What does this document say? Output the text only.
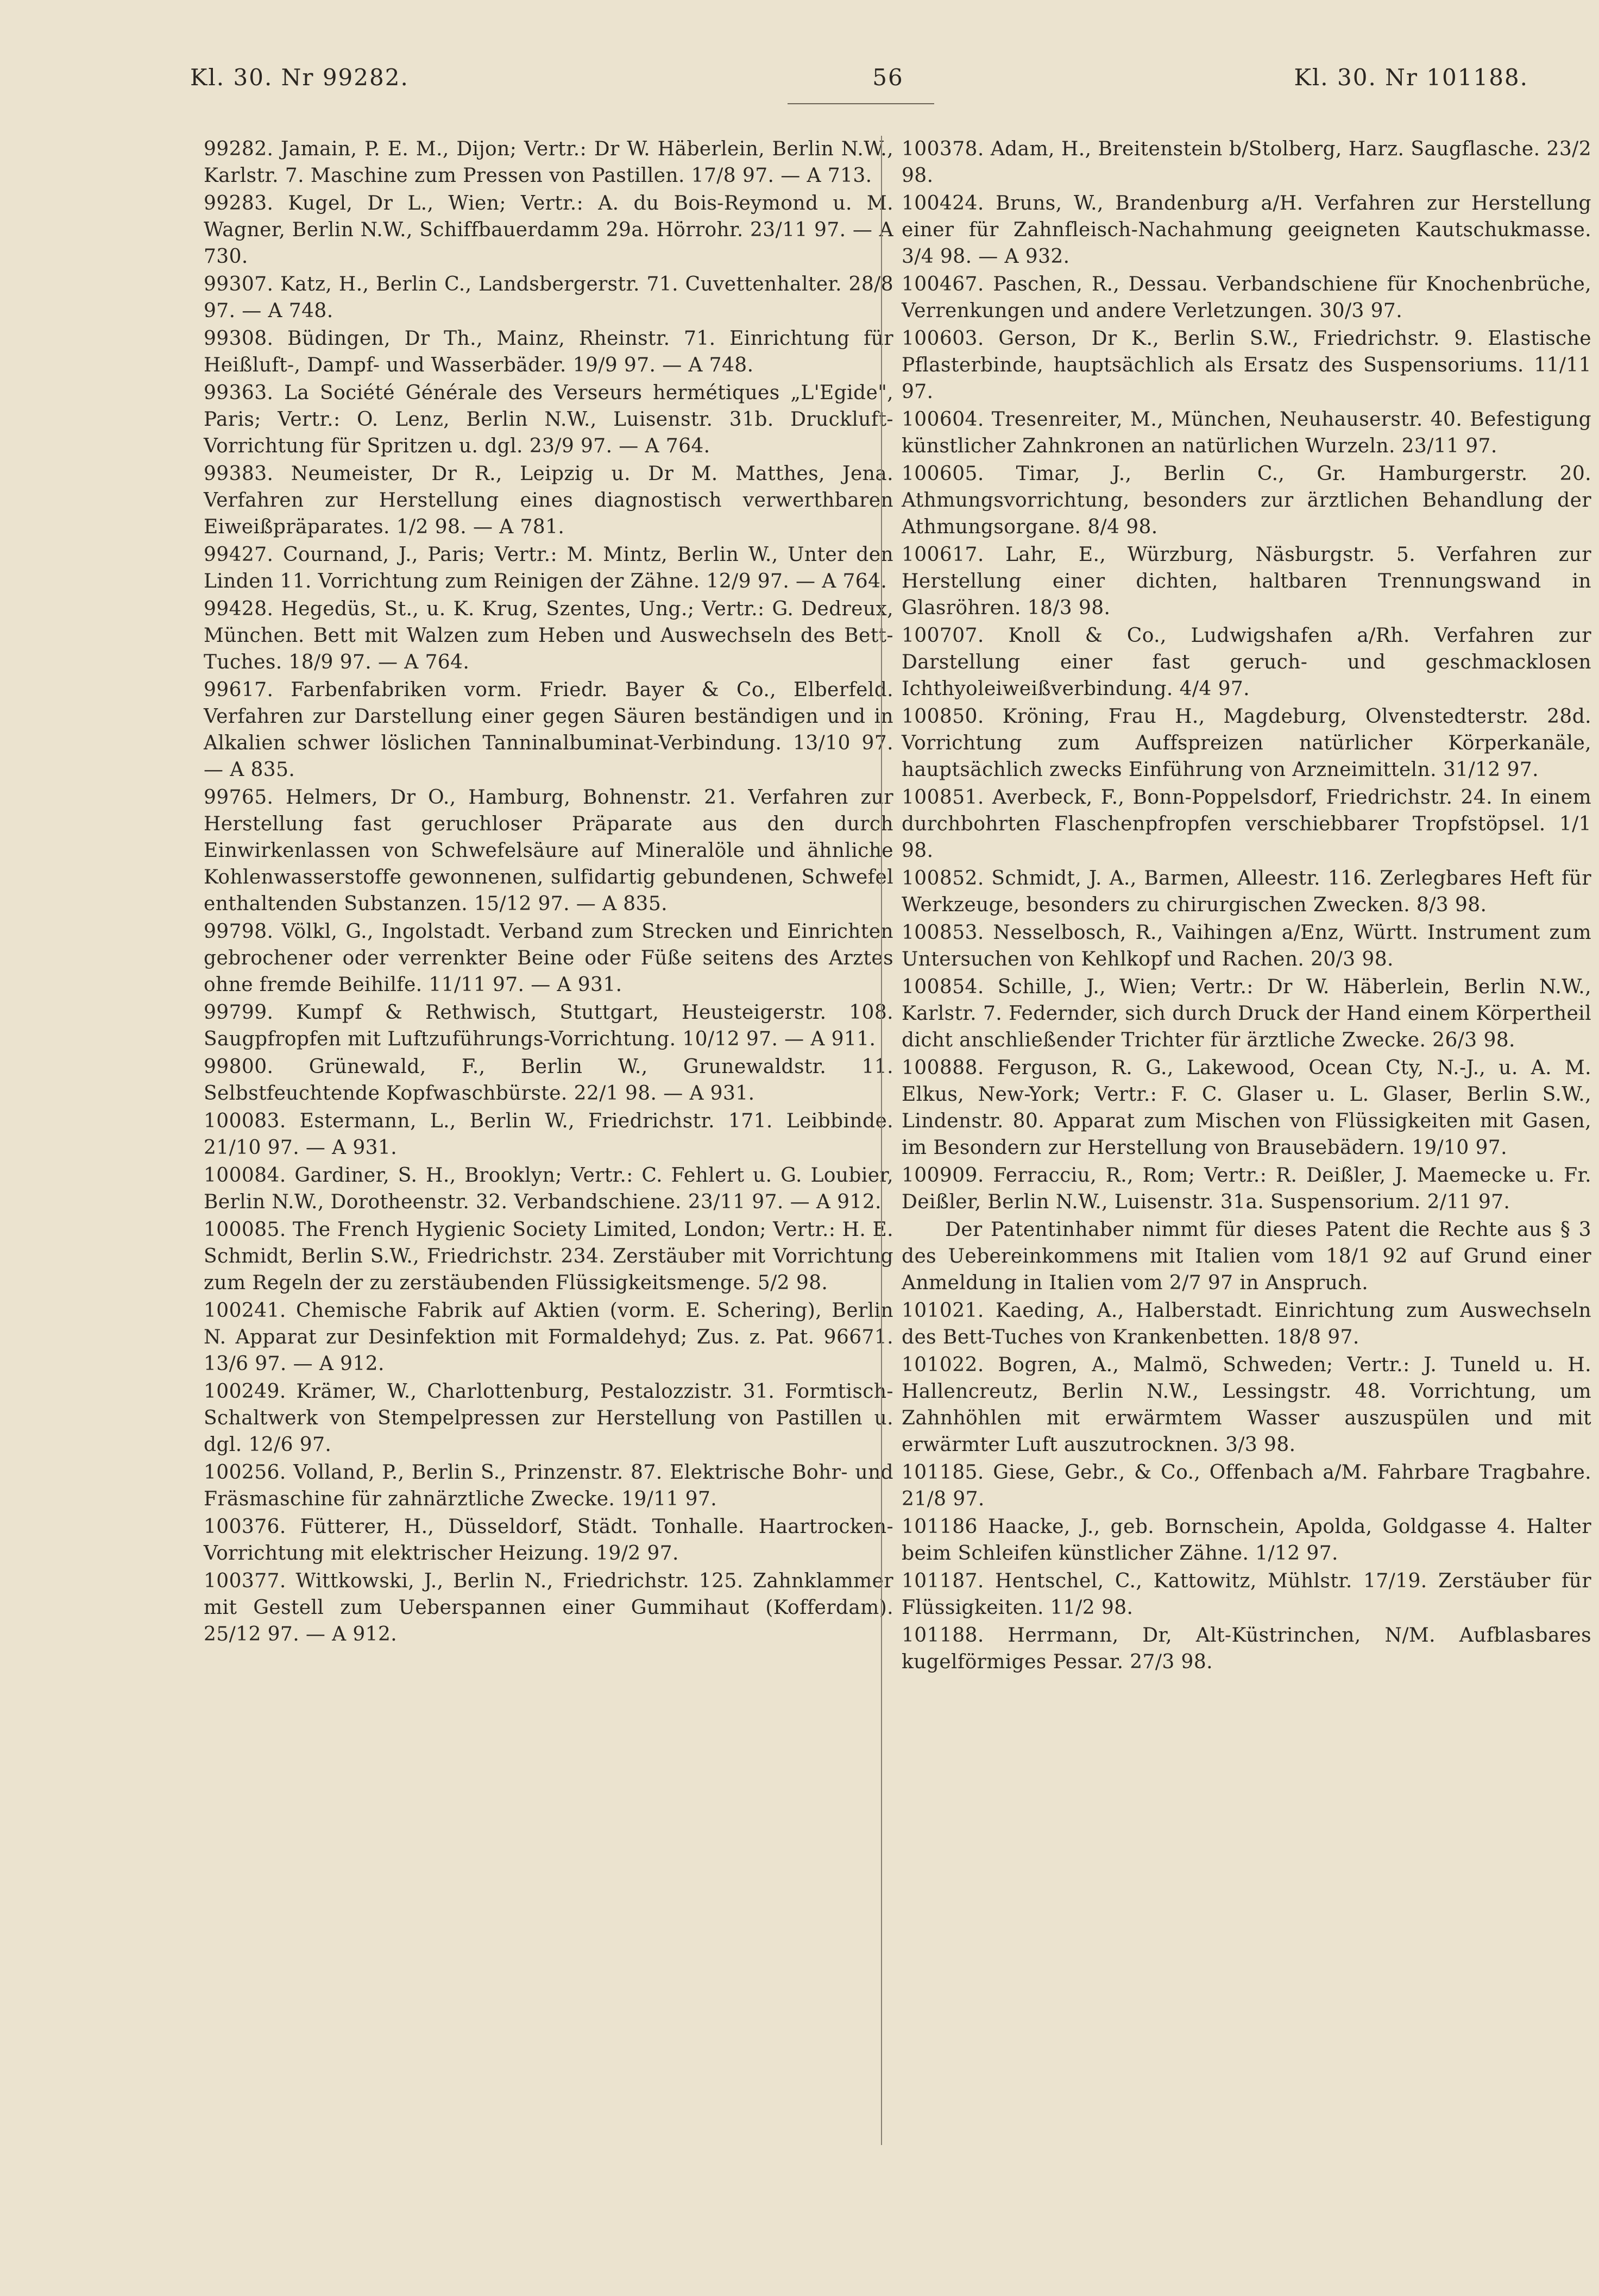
Kl. 30. Nr 99282.	56	Kl. 30. Nr 101188.

99282. Jamain, P. E. M., Dijon; Vertr.: Dr W. Häberlein, Berlin N.W., Karlstr. 7. Maschine zum Pressen von Pastillen. 17/8 97. — A 713.

99283. Kugel, Dr L., Wien; Vertr.: A. du Bois-Reymond u. M. Wagner, Berlin N.W., Schiffbauerdamm 29a. Hörrohr. 23/11 97. — A 730.

99307. Katz, H., Berlin C., Landsbergerstr. 71. Cuvettenhalter. 28/8 97. — A 748.

99308. Büdingen, Dr Th., Mainz, Rheinstr. 71. Einrichtung für Heißluft-, Dampf- und Wasserbäder. 19/9 97. — A 748.

99363. La Société Générale des Verseurs hermétiques „L'Egide", Paris; Vertr.: O. Lenz, Berlin N.W., Luisenstr. 31b. Druckluft-Vorrichtung für Spritzen u. dgl. 23/9 97. — A 764.

99383. Neumeister, Dr R., Leipzig u. Dr M. Matthes, Jena. Verfahren zur Herstellung eines diagnostisch verwerthbaren Eiweißpräparates. 1/2 98. — A 781.

99427. Cournand, J., Paris; Vertr.: M. Mintz, Berlin W., Unter den Linden 11. Vorrichtung zum Reinigen der Zähne. 12/9 97. — A 764.

99428. Hegedüs, St., u. K. Krug, Szentes, Ung.; Vertr.: G. Dedreux, München. Bett mit Walzen zum Heben und Auswechseln des Bett-Tuches. 18/9 97. — A 764.

99617. Farbenfabriken vorm. Friedr. Bayer & Co., Elberfeld. Verfahren zur Darstellung einer gegen Säuren beständigen und in Alkalien schwer löslichen Tanninalbuminat-Verbindung. 13/10 97. — A 835.

99765. Helmers, Dr O., Hamburg, Bohnenstr. 21. Verfahren zur Herstellung fast geruchloser Präparate aus den durch Einwirkenlassen von Schwefelsäure auf Mineralöle und ähnliche Kohlenwasserstoffe gewonnenen, sulfidartig gebundenen, Schwefel enthaltenden Substanzen. 15/12 97. — A 835.

99798. Völkl, G., Ingolstadt. Verband zum Strecken und Einrichten gebrochener oder verrenkter Beine oder Füße seitens des Arztes ohne fremde Beihilfe. 11/11 97. — A 931.

99799. Kumpf & Rethwisch, Stuttgart, Heusteigerstr. 108. Saugpfropfen mit Luftzuführungs-Vorrichtung. 10/12 97. — A 911.

99800. Grünewald, F., Berlin W., Grunewaldstr. 11. Selbstfeuchtende Kopfwaschbürste. 22/1 98. — A 931.

100083. Estermann, L., Berlin W., Friedrichstr. 171. Leibbinde. 21/10 97. — A 931.

100084. Gardiner, S. H., Brooklyn; Vertr.: C. Fehlert u. G. Loubier, Berlin N.W., Dorotheenstr. 32. Verbandschiene. 23/11 97. — A 912.

100085. The French Hygienic Society Limited, London; Vertr.: H. E. Schmidt, Berlin S.W., Friedrichstr. 234. Zerstäuber mit Vorrichtung zum Regeln der zu zerstäubenden Flüssigkeitsmenge. 5/2 98.

100241. Chemische Fabrik auf Aktien (vorm. E. Schering), Berlin N. Apparat zur Desinfektion mit Formaldehyd; Zus. z. Pat. 96671. 13/6 97. — A 912.

100249. Krämer, W., Charlottenburg, Pestalozzistr. 31. Formtisch-Schaltwerk von Stempelpressen zur Herstellung von Pastillen u. dgl. 12/6 97.

100256. Volland, P., Berlin S., Prinzenstr. 87. Elektrische Bohr- und Fräsmaschine für zahnärztliche Zwecke. 19/11 97.

100376. Fütterer, H., Düsseldorf, Städt. Tonhalle. Haartrocken-Vorrichtung mit elektrischer Heizung. 19/2 97.

100377. Wittkowski, J., Berlin N., Friedrichstr. 125. Zahnklammer mit Gestell zum Ueberspannen einer Gummihaut (Kofferdam). 25/12 97. — A 912.

100378. Adam, H., Breitenstein b/Stolberg, Harz. Saugflasche. 23/2 98.

100424. Bruns, W., Brandenburg a/H. Verfahren zur Herstellung einer für Zahnfleisch-Nachahmung geeigneten Kautschukmasse. 3/4 98. — A 932.

100467. Paschen, R., Dessau. Verbandschiene für Knochenbrüche, Verrenkungen und andere Verletzungen. 30/3 97.

100603. Gerson, Dr K., Berlin S.W., Friedrichstr. 9. Elastische Pflasterbinde, hauptsächlich als Ersatz des Suspensoriums. 11/11 97.

100604. Tresenreiter, M., München, Neuhauserstr. 40. Befestigung künstlicher Zahnkronen an natürlichen Wurzeln. 23/11 97.

100605. Timar, J., Berlin C., Gr. Hamburgerstr. 20. Athmungsvorrichtung, besonders zur ärztlichen Behandlung der Athmungsorgane. 8/4 98.

100617. Lahr, E., Würzburg, Näsburgstr. 5. Verfahren zur Herstellung einer dichten, haltbaren Trennungswand in Glasröhren. 18/3 98.

100707. Knoll & Co., Ludwigshafen a/Rh. Verfahren zur Darstellung einer fast geruch- und geschmacklosen Ichthyoleiweißverbindung. 4/4 97.

100850. Kröning, Frau H., Magdeburg, Olvenstedterstr. 28d. Vorrichtung zum Auffspreizen natürlicher Körperkanäle, hauptsächlich zwecks Einführung von Arzneimitteln. 31/12 97.

100851. Averbeck, F., Bonn-Poppelsdorf, Friedrichstr. 24. In einem durchbohrten Flaschenpfropfen verschiebbarer Tropfstöpsel. 1/1 98.

100852. Schmidt, J. A., Barmen, Alleestr. 116. Zerlegbares Heft für Werkzeuge, besonders zu chirurgischen Zwecken. 8/3 98.

100853. Nesselbosch, R., Vaihingen a/Enz, Württ. Instrument zum Untersuchen von Kehlkopf und Rachen. 20/3 98.

100854. Schille, J., Wien; Vertr.: Dr W. Häberlein, Berlin N.W., Karlstr. 7. Federnder, sich durch Druck der Hand einem Körpertheil dicht anschließender Trichter für ärztliche Zwecke. 26/3 98.

100888. Ferguson, R. G., Lakewood, Ocean Cty, N.-J., u. A. M. Elkus, New-York; Vertr.: F. C. Glaser u. L. Glaser, Berlin S.W., Lindenstr. 80. Apparat zum Mischen von Flüssigkeiten mit Gasen, im Besondern zur Herstellung von Brausebädern. 19/10 97.

100909. Ferracciu, R., Rom; Vertr.: R. Deißler, J. Maemecke u. Fr. Deißler, Berlin N.W., Luisenstr. 31a. Suspensorium. 2/11 97.

Der Patentinhaber nimmt für dieses Patent die Rechte aus § 3 des Uebereinkommens mit Italien vom 18/1 92 auf Grund einer Anmeldung in Italien vom 2/7 97 in Anspruch.

101021. Kaeding, A., Halberstadt. Einrichtung zum Auswechseln des Bett-Tuches von Krankenbetten. 18/8 97.

101022. Bogren, A., Malmö, Schweden; Vertr.: J. Tuneld u. H. Hallencreutz, Berlin N.W., Lessingstr. 48. Vorrichtung, um Zahnhöhlen mit erwärmtem Wasser auszuspülen und mit erwärmter Luft auszutrocknen. 3/3 98.

101185. Giese, Gebr., & Co., Offenbach a/M. Fahrbare Tragbahre. 21/8 97.

101186 Haacke, J., geb. Bornschein, Apolda, Goldgasse 4. Halter beim Schleifen künstlicher Zähne. 1/12 97.

101187. Hentschel, C., Kattowitz, Mühlstr. 17/19. Zerstäuber für Flüssigkeiten. 11/2 98.

101188. Herrmann, Dr, Alt-Küstrinchen, N/M. Aufblasbares kugelförmiges Pessar. 27/3 98.
